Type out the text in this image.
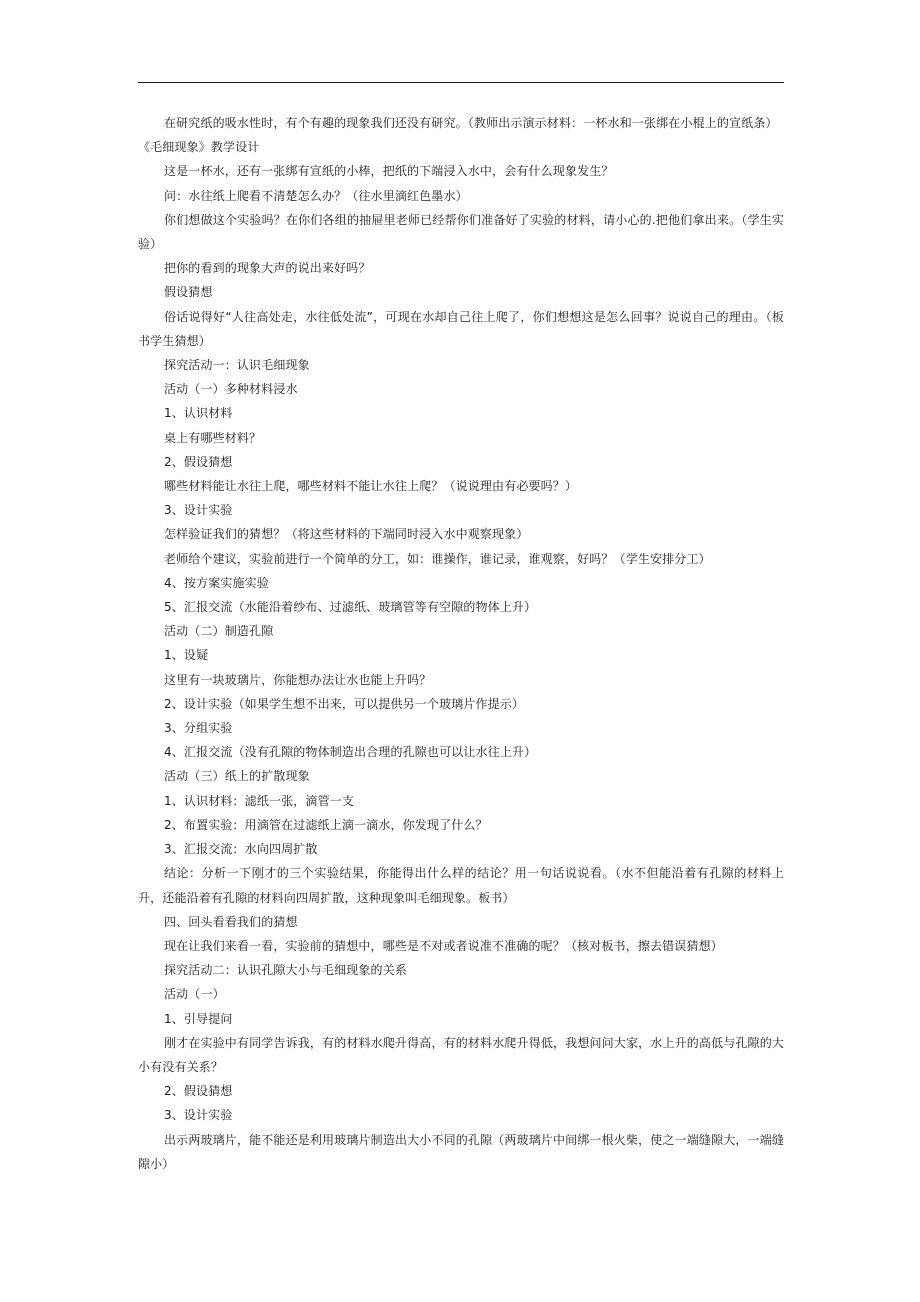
在研究纸的吸水性时，有个有趣的现象我们还没有研究。（教师出示演示材料：一杯水和一张绑在小棍上的宣纸条）

《毛细现象》教学设计

这是一杯水，还有一张绑有宣纸的小棒，把纸的下端浸入水中，会有什么现象发生？

问：水往纸上爬看不清楚怎么办？（往水里滴红色墨水）

你们想做这个实验吗？在你们各组的抽屉里老师已经帮你们准备好了实验的材料，请小心的.把他们拿出来。（学生实验）

把你的看到的现象大声的说出来好吗？

假设猜想

俗话说得好“人往高处走，水往低处流”，可现在水却自己往上爬了，你们想想这是怎么回事？说说自己的理由。（板书学生猜想）

探究活动一：认识毛细现象

活动（一）多种材料浸水

1、认识材料

桌上有哪些材料？

2、假设猜想

哪些材料能让水往上爬，哪些材料不能让水往上爬？（说说理由有必要吗？）

3、设计实验

怎样验证我们的猜想？（将这些材料的下端同时浸入水中观察现象）

老师给个建议，实验前进行一个简单的分工，如：谁操作，谁记录，谁观察，好吗？（学生安排分工）

4、按方案实施实验

5、汇报交流（水能沿着纱布、过滤纸、玻璃管等有空隙的物体上升）

活动（二）制造孔隙

1、设疑

这里有一块玻璃片，你能想办法让水也能上升吗？

2、设计实验（如果学生想不出来，可以提供另一个玻璃片作提示）

3、分组实验

4、汇报交流（没有孔隙的物体制造出合理的孔隙也可以让水往上升）

活动（三）纸上的扩散现象

1、认识材料：滤纸一张，滴管一支

2、布置实验：用滴管在过滤纸上滴一滴水，你发现了什么？

3、汇报交流：水向四周扩散

结论：分析一下刚才的三个实验结果，你能得出什么样的结论？用一句话说说看。（水不但能沿着有孔隙的材料上升，还能沿着有孔隙的材料向四周扩散，这种现象叫毛细现象。板书）

四、回头看看我们的猜想

现在让我们来看一看，实验前的猜想中，哪些是不对或者说准不准确的呢？（核对板书，擦去错误猜想）

探究活动二：认识孔隙大小与毛细现象的关系

活动（一）

1、引导提问

刚才在实验中有同学告诉我，有的材料水爬升得高，有的材料水爬升得低，我想问问大家，水上升的高低与孔隙的大小有没有关系？

2、假设猜想

3、设计实验

出示两玻璃片，能不能还是利用玻璃片制造出大小不同的孔隙（两玻璃片中间绑一根火柴，使之一端缝隙大，一端缝隙小）
